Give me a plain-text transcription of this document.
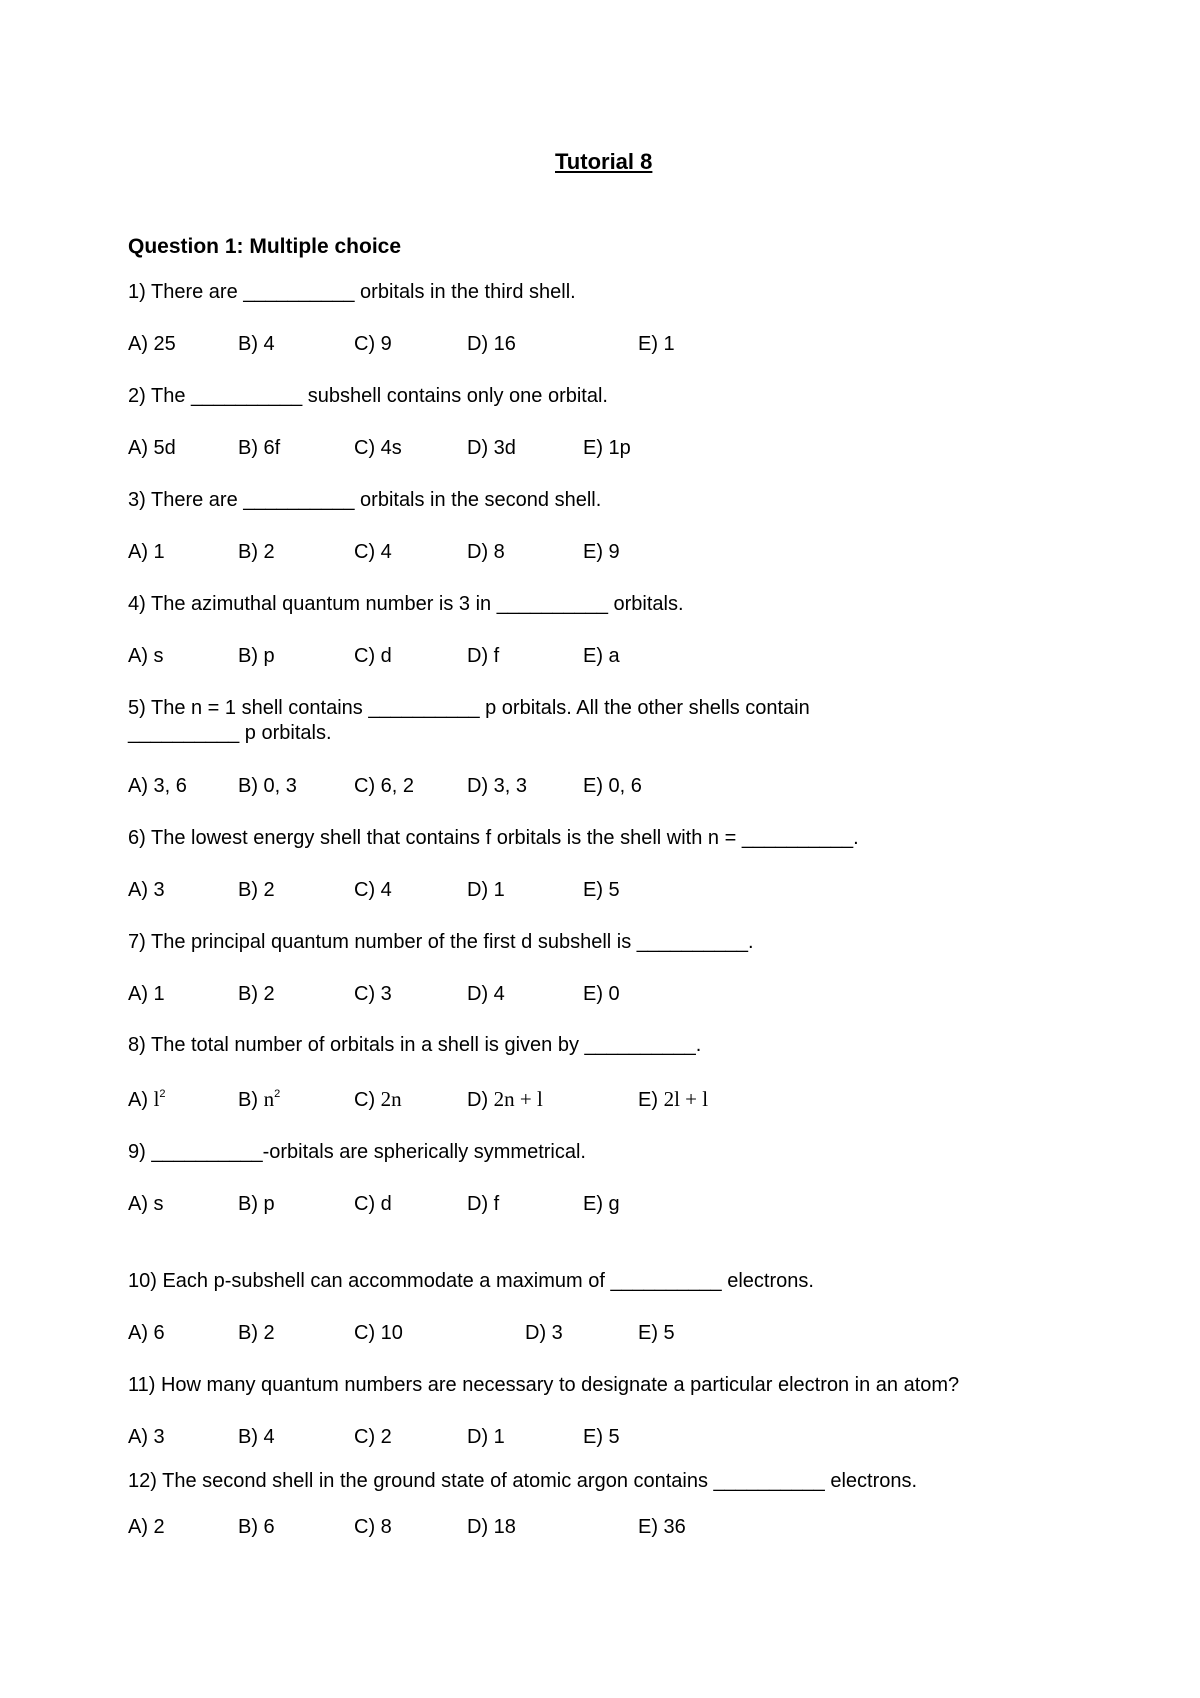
Tutorial 8
Question 1: Multiple choice
1) There are __________ orbitals in the third shell.
A) 25	B) 4	C) 9	D) 16	E) 1
2) The __________ subshell contains only one orbital.
A) 5d	B) 6f	C) 4s	D) 3d	E) 1p
3) There are __________ orbitals in the second shell.
A) 1	B) 2	C) 4	D) 8	E) 9
4) The azimuthal quantum number is 3 in __________ orbitals.
A) s	B) p	C) d	D) f	E) a
5) The n = 1 shell contains __________ p orbitals. All the other shells contain
__________ p orbitals.
A) 3, 6	B) 0, 3	C) 6, 2	D) 3, 3	E) 0, 6
6) The lowest energy shell that contains f orbitals is the shell with n = __________.
A) 3	B) 2	C) 4	D) 1	E) 5
7) The principal quantum number of the first d subshell is __________.
A) 1	B) 2	C) 3	D) 4	E) 0
8) The total number of orbitals in a shell is given by __________.
A) $l^2$	B) $n^2$	C) 2n	D) 2n + l	E) 2l + l
9) __________-orbitals are spherically symmetrical.
A) s	B) p	C) d	D) f	E) g
10) Each p-subshell can accommodate a maximum of __________ electrons.
A) 6	B) 2	C) 10	D) 3	E) 5
11) How many quantum numbers are necessary to designate a particular electron in an atom?
A) 3	B) 4	C) 2	D) 1	E) 5
12) The second shell in the ground state of atomic argon contains __________ electrons.
A) 2	B) 6	C) 8	D) 18	E) 36
